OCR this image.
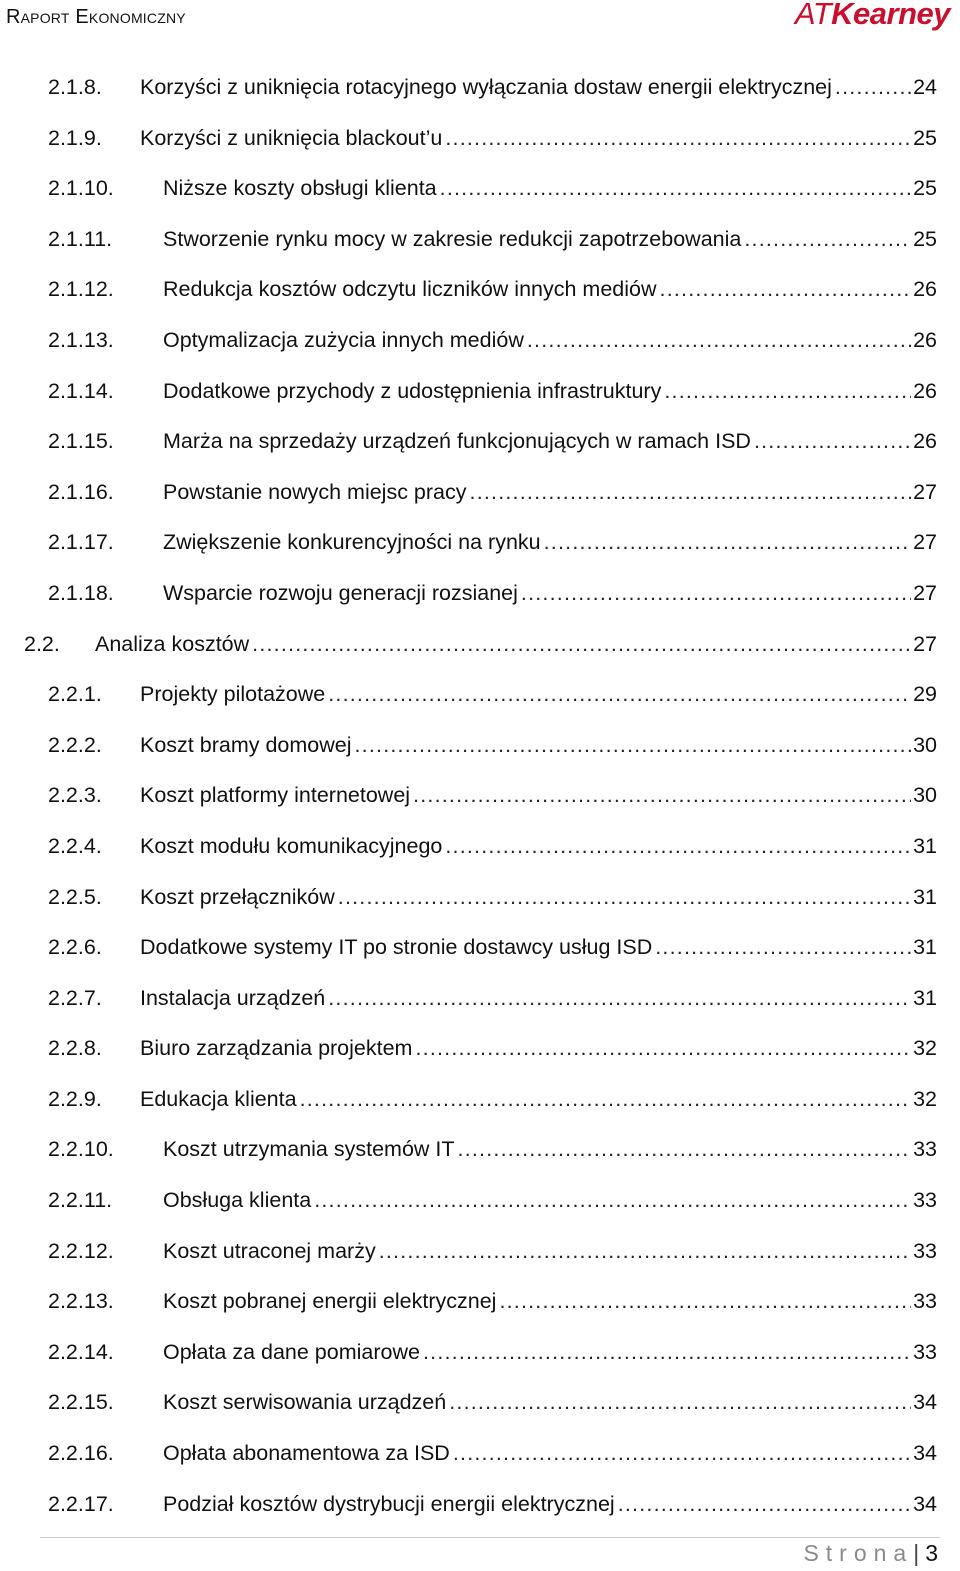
Raport Ekonomiczny	ATKearney
2.1.8. Korzyści z uniknięcia rotacyjnego wyłączania dostaw energii elektrycznej .....	24
2.1.9. Korzyści z uniknięcia blackout’u .....	25
2.1.10. Niższe koszty obsługi klienta .....	25
2.1.11. Stworzenie rynku mocy w zakresie redukcji zapotrzebowania .....	25
2.1.12. Redukcja kosztów odczytu liczników innych mediów .....	26
2.1.13. Optymalizacja zużycia innych mediów .....	26
2.1.14. Dodatkowe przychody z udostępnienia infrastruktury .....	26
2.1.15. Marża na sprzedaży urządzeń funkcjonujących w ramach ISD .....	26
2.1.16. Powstanie nowych miejsc pracy .....	27
2.1.17. Zwiększenie konkurencyjności na rynku .....	27
2.1.18. Wsparcie rozwoju generacji rozsianej .....	27
2.2. Analiza kosztów .....	27
2.2.1. Projekty pilotażowe .....	29
2.2.2. Koszt bramy domowej .....	30
2.2.3. Koszt platformy internetowej .....	30
2.2.4. Koszt modułu komunikacyjnego .....	31
2.2.5. Koszt przełączników .....	31
2.2.6. Dodatkowe systemy IT po stronie dostawcy usług ISD .....	31
2.2.7. Instalacja urządzeń .....	31
2.2.8. Biuro zarządzania projektem .....	32
2.2.9. Edukacja klienta .....	32
2.2.10. Koszt utrzymania systemów IT .....	33
2.2.11. Obsługa klienta .....	33
2.2.12. Koszt utraconej marży .....	33
2.2.13. Koszt pobranej energii elektrycznej .....	33
2.2.14. Opłata za dane pomiarowe .....	33
2.2.15. Koszt serwisowania urządzeń .....	34
2.2.16. Opłata abonamentowa za ISD .....	34
2.2.17. Podział kosztów dystrybucji energii elektrycznej .....	34
Strona | 3
